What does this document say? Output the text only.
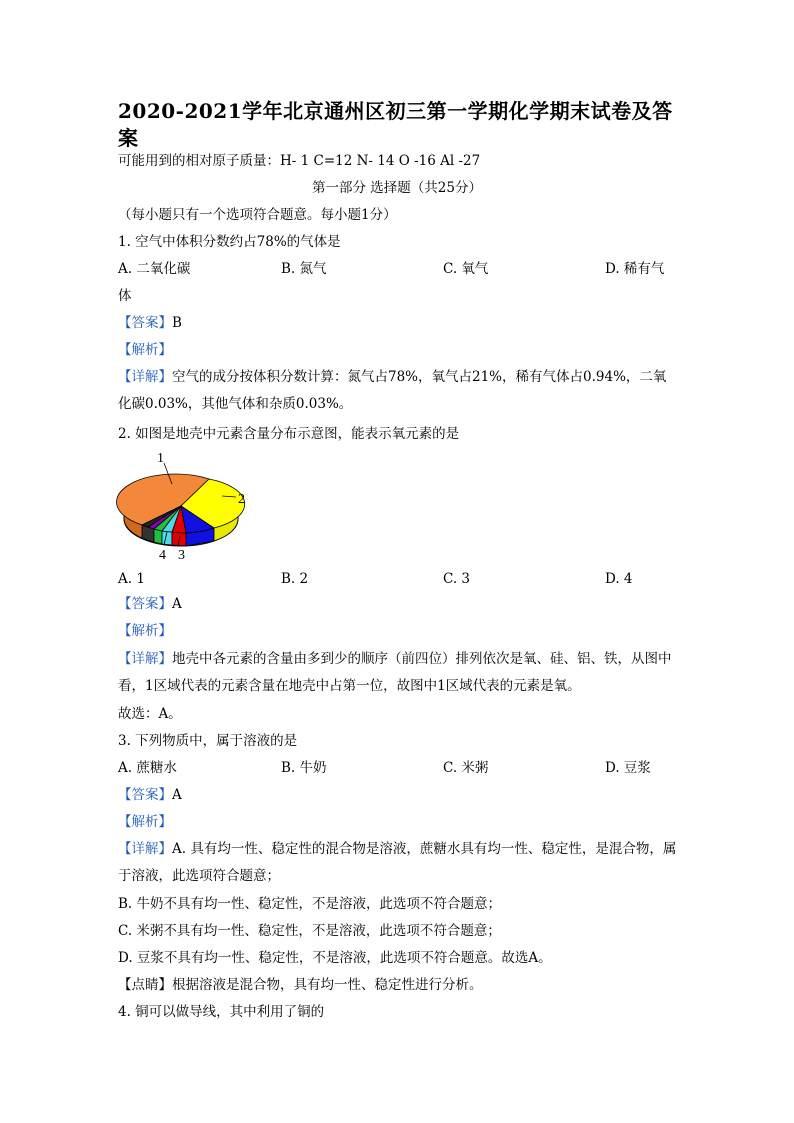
2020-2021学年北京通州区初三第一学期化学期末试卷及答案
可能用到的相对原子质量：H- 1 C=12 N- 14 O -16 Al -27
第一部分 选择题（共25分）
（每小题只有一个选项符合题意。每小题1分）
1. 空气中体积分数约占78%的气体是
A. 二氧化碳	B. 氮气	C. 氧气	D. 稀有气
体
【答案】B
【解析】
【详解】空气的成分按体积分数计算：氮气占78%，氧气占21%，稀有气体占0.94%，二氧化碳0.03%，其他气体和杂质0.03%。
2. 如图是地壳中元素含量分布示意图，能表示氧元素的是
1
2
3
4
A. 1	B. 2	C. 3	D. 4
【答案】A
【解析】
【详解】地壳中各元素的含量由多到少的顺序（前四位）排列依次是氧、硅、铝、铁，从图中看，1区域代表的元素含量在地壳中占第一位，故图中1区域代表的元素是氧。
故选：A。
3. 下列物质中，属于溶液的是
A. 蔗糖水	B. 牛奶	C. 米粥	D. 豆浆
【答案】A
【解析】
【详解】A. 具有均一性、稳定性的混合物是溶液，蔗糖水具有均一性、稳定性，是混合物，属于溶液，此选项符合题意；
B. 牛奶不具有均一性、稳定性，不是溶液，此选项不符合题意；
C. 米粥不具有均一性、稳定性，不是溶液，此选项不符合题意；
D. 豆浆不具有均一性、稳定性，不是溶液，此选项不符合题意。故选A。
【点睛】根据溶液是混合物，具有均一性、稳定性进行分析。
4. 铜可以做导线，其中利用了铜的
